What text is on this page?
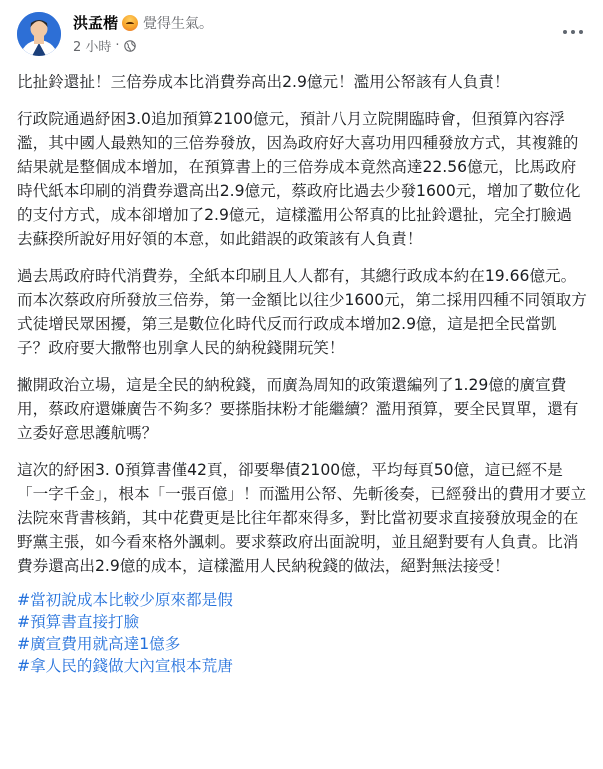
洪孟楷 覺得生氣。
2 小時 ·

比扯鈴還扯！三倍券成本比消費券高出2.9億元！濫用公帑該有人負責！

行政院通過紓困3.0追加預算2100億元，預計八月立院開臨時會，但預算內容浮濫，其中國人最熟知的三倍券發放，因為政府好大喜功用四種發放方式，其複雜的結果就是整個成本增加，在預算書上的三倍券成本竟然高達22.56億元，比馬政府時代紙本印刷的消費券還高出2.9億元，蔡政府比過去少發1600元，增加了數位化的支付方式，成本卻增加了2.9億元，這樣濫用公帑真的比扯鈴還扯，完全打臉過去蘇揆所說好用好領的本意，如此錯誤的政策該有人負責！

過去馬政府時代消費券，全紙本印刷且人人都有，其總行政成本約在19.66億元。而本次蔡政府所發放三倍券，第一金額比以往少1600元，第二採用四種不同領取方式徒增民眾困擾，第三是數位化時代反而行政成本增加2.9億，這是把全民當凱子？政府要大撒幣也別拿人民的納稅錢開玩笑！

撇開政治立場，這是全民的納稅錢，而廣為周知的政策還編列了1.29億的廣宣費用，蔡政府還嫌廣告不夠多？要搽脂抹粉才能繼續？濫用預算，要全民買單，還有立委好意思護航嗎？

這次的紓困3. 0預算書僅42頁，卻要舉債2100億，平均每頁50億，這已經不是「一字千金」，根本「一張百億」！而濫用公帑、先斬後奏，已經發出的費用才要立法院來背書核銷，其中花費更是比往年都來得多，對比當初要求直接發放現金的在野黨主張，如今看來格外諷刺。要求蔡政府出面說明，並且絕對要有人負責。比消費券還高出2.9億的成本，這樣濫用人民納稅錢的做法，絕對無法接受！

#當初說成本比較少原來都是假
#預算書直接打臉
#廣宣費用就高達1億多
#拿人民的錢做大內宣根本荒唐
